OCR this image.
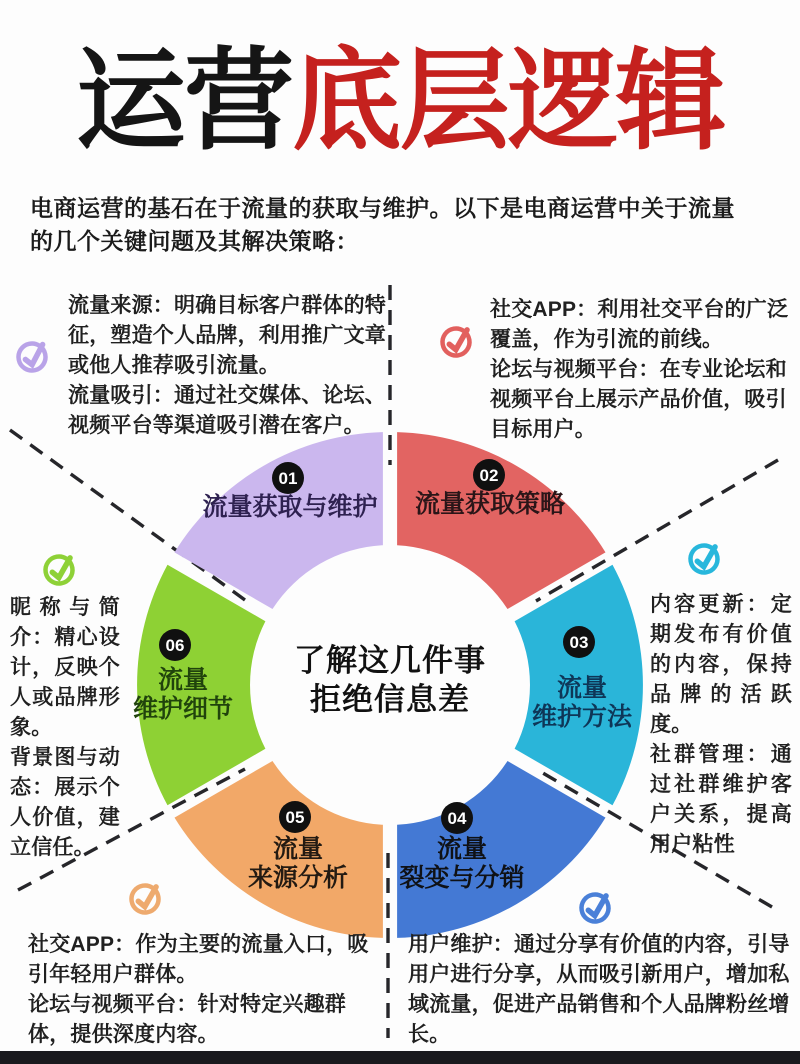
运营底层逻辑
电商运营的基石在于流量的获取与维护。以下是电商运营中关于流量的几个关键问题及其解决策略：
01	02
03
04
05
06
流量获取与维护 流量获取策略
流量
维护方法
流量
裂变与分销
流量
来源分析
流量
维护细节
了解这几件事
拒绝信息差

流量来源：明确目标客户群体的特征，塑造个人品牌，利用推广文章或他人推荐吸引流量。

流量吸引：通过社交媒体、论坛、视频平台等渠道吸引潜在客户。

社交APP：利用社交平台的广泛覆盖，作为引流的前线。

论坛与视频平台：在专业论坛和视频平台上展示产品价值，吸引目标用户。

昵称与简介：精心设计，反映个人或品牌形象。

背景图与动态：展示个人价值，建立信任。

内容更新：定期发布有价值的内容，保持品牌的活跃度。

社群管理：通过社群维护客户关系，提高用户粘性

社交APP：作为主要的流量入口，吸引年轻用户群体。

论坛与视频平台：针对特定兴趣群体，提供深度内容。

用户维护：通过分享有价值的内容，引导用户进行分享，从而吸引新用户，增加私域流量，促进产品销售和个人品牌粉丝增长。
